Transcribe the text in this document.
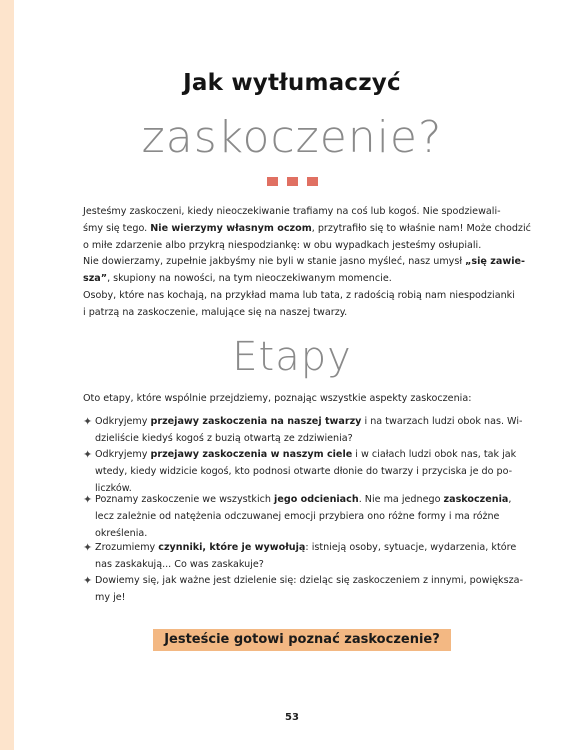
Jak wytłumaczyć
zaskoczenie?
Jesteśmy zaskoczeni, kiedy nieoczekiwanie trafiamy na coś lub kogoś. Nie spodziewali-
śmy się tego. Nie wierzymy własnym oczom, przytrafiło się to właśnie nam! Może chodzić
o miłe zdarzenie albo przykrą niespodziankę: w obu wypadkach jesteśmy osłupiali.
Nie dowierzamy, zupełnie jakbyśmy nie byli w stanie jasno myśleć, nasz umysł „się zawie-
sza”, skupiony na nowości, na tym nieoczekiwanym momencie.
Osoby, które nas kochają, na przykład mama lub tata, z radością robią nam niespodzianki
i patrzą na zaskoczenie, malujące się na naszej twarzy.
Etapy
Oto etapy, które wspólnie przejdziemy, poznając wszystkie aspekty zaskoczenia:
✦ Odkryjemy przejawy zaskoczenia na naszej twarzy i na twarzach ludzi obok nas. Wi-
dzieliście kiedyś kogoś z buzią otwartą ze zdziwienia?
✦ Odkryjemy przejawy zaskoczenia w naszym ciele i w ciałach ludzi obok nas, tak jak
wtedy, kiedy widzicie kogoś, kto podnosi otwarte dłonie do twarzy i przyciska je do po-
liczków.
✦ Poznamy zaskoczenie we wszystkich jego odcieniach. Nie ma jednego zaskoczenia,
lecz zależnie od natężenia odczuwanej emocji przybiera ono różne formy i ma różne
określenia.
✦ Zrozumiemy czynniki, które je wywołują: istnieją osoby, sytuacje, wydarzenia, które
nas zaskakują... Co was zaskakuje?
✦ Dowiemy się, jak ważne jest dzielenie się: dzieląc się zaskoczeniem z innymi, powiększa-
my je!
Jesteście gotowi poznać zaskoczenie?
53
